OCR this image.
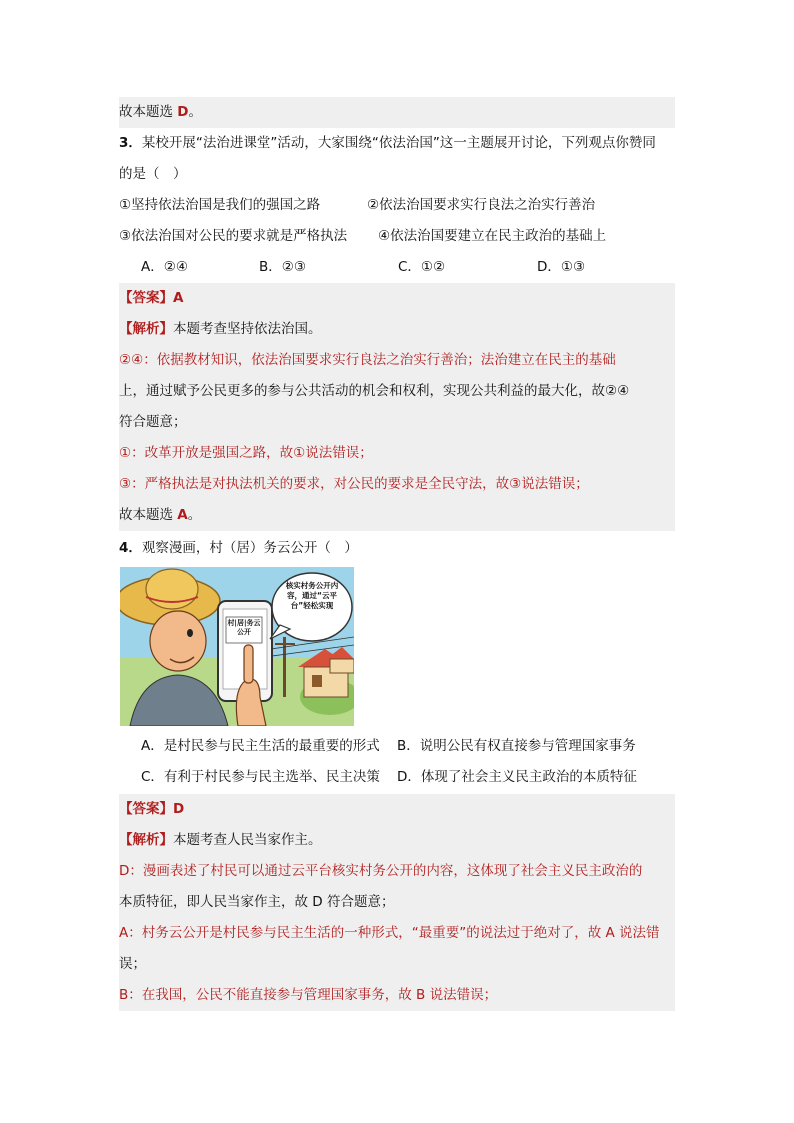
故本题选 D。
3．某校开展“法治进课堂”活动，大家围绕“依法治国”这一主题展开讨论，下列观点你赞同
的是（　）
①坚持依法治国是我们的强国之路	②依法治国要求实行良法之治实行善治
③依法治国对公民的要求就是严格执法 ④依法治国要建立在民主政治的基础上
A．②④	B．②③	C．①②	D．①③
【答案】A
【解析】本题考查坚持依法治国。
②④：依据教材知识，依法治国要求实行良法之治实行善治；法治建立在民主的基础
上，通过赋予公民更多的参与公共活动的机会和权利，实现公共利益的最大化，故②④
符合题意；
①：改革开放是强国之路，故①说法错误；
③：严格执法是对执法机关的要求，对公民的要求是全民守法，故③说法错误；
故本题选 A。
4．观察漫画，村（居）务云公开（　）
村|居|务云公开
核实村务公开内容，通过“云平台”轻松实现
A．是村民参与民主生活的最重要的形式 B．说明公民有权直接参与管理国家事务
C．有利于村民参与民主选举、民主决策 D．体现了社会主义民主政治的本质特征
【答案】D
【解析】本题考查人民当家作主。
D：漫画表述了村民可以通过云平台核实村务公开的内容，这体现了社会主义民主政治的
本质特征，即人民当家作主，故 D 符合题意；
A：村务云公开是村民参与民主生活的一种形式，“最重要”的说法过于绝对了，故 A 说法错
误；
B：在我国，公民不能直接参与管理国家事务，故 B 说法错误；
